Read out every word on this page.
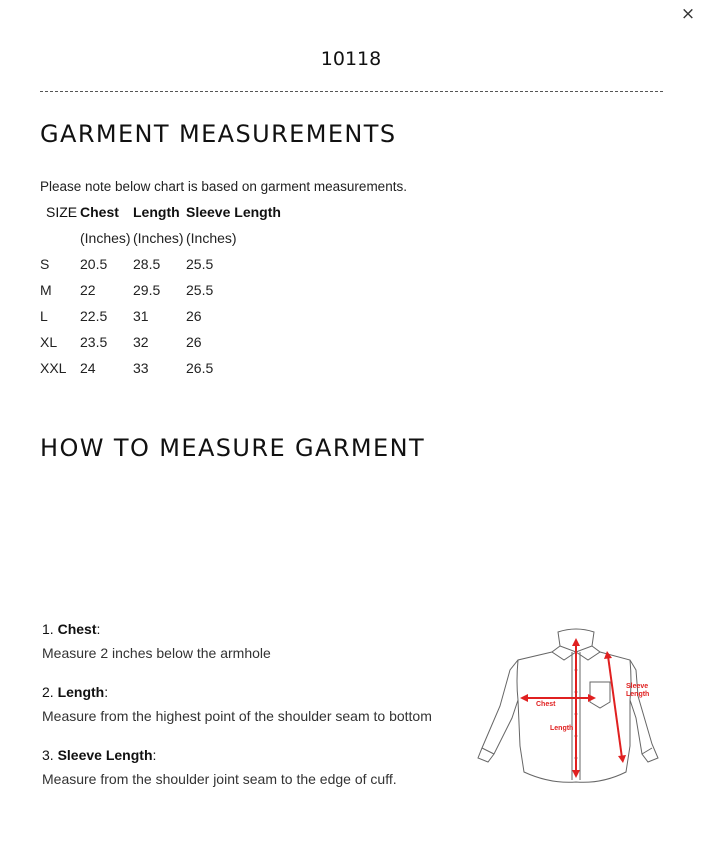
×
10118
GARMENT MEASUREMENTS
Please note below chart is based on garment measurements.
SIZE	Chest	Length	Sleeve Length
	(Inches)	(Inches)	(Inches)
S	20.5	28.5	25.5
M	22	29.5	25.5
L	22.5	31	26
XL	23.5	32	26
XXL	24	33	26.5
HOW TO MEASURE GARMENT
1. Chest:
Measure 2 inches below the armhole
2. Length:
Measure from the highest point of the shoulder seam to bottom
3. Sleeve Length:
Measure from the shoulder joint seam to the edge of cuff.
Chest
Length
Sleeve
Length
